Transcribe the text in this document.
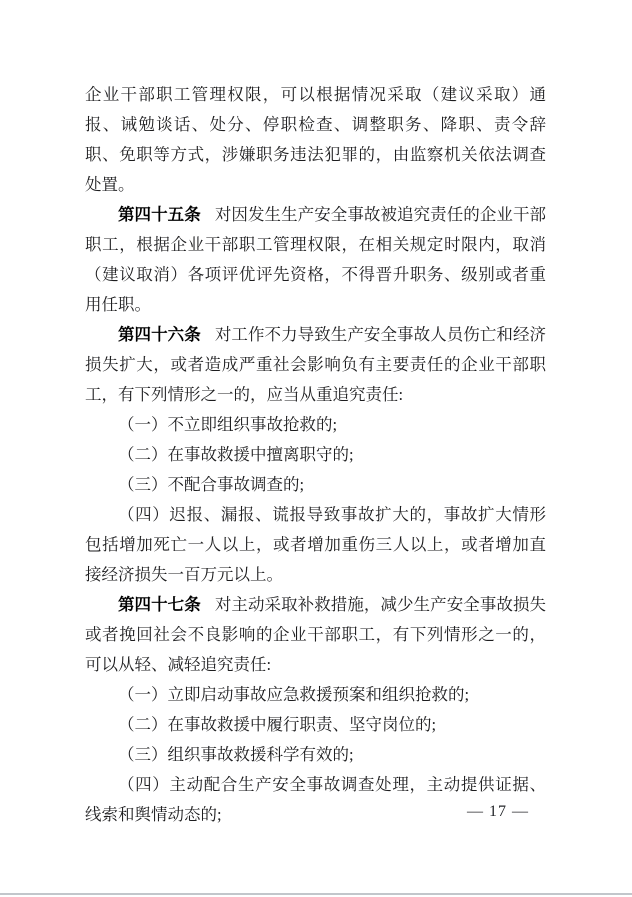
企业干部职工管理权限，可以根据情况采取（建议采取）通报、诫勉谈话、处分、停职检查、调整职务、降职、责令辞职、免职等方式，涉嫌职务违法犯罪的，由监察机关依法调查处置。

第四十五条 对因发生生产安全事故被追究责任的企业干部职工，根据企业干部职工管理权限，在相关规定时限内，取消（建议取消）各项评优评先资格，不得晋升职务、级别或者重用任职。

第四十六条 对工作不力导致生产安全事故人员伤亡和经济损失扩大，或者造成严重社会影响负有主要责任的企业干部职工，有下列情形之一的，应当从重追究责任:

（一）不立即组织事故抢救的;

（二）在事故救援中擅离职守的;

（三）不配合事故调查的;

（四）迟报、漏报、谎报导致事故扩大的，事故扩大情形包括增加死亡一人以上，或者增加重伤三人以上，或者增加直接经济损失一百万元以上。

第四十七条 对主动采取补救措施，减少生产安全事故损失或者挽回社会不良影响的企业干部职工，有下列情形之一的，可以从轻、减轻追究责任:

（一）立即启动事故应急救援预案和组织抢救的;

（二）在事故救援中履行职责、坚守岗位的;

（三）组织事故救援科学有效的;

（四）主动配合生产安全事故调查处理，主动提供证据、线索和舆情动态的;	— 17 —
